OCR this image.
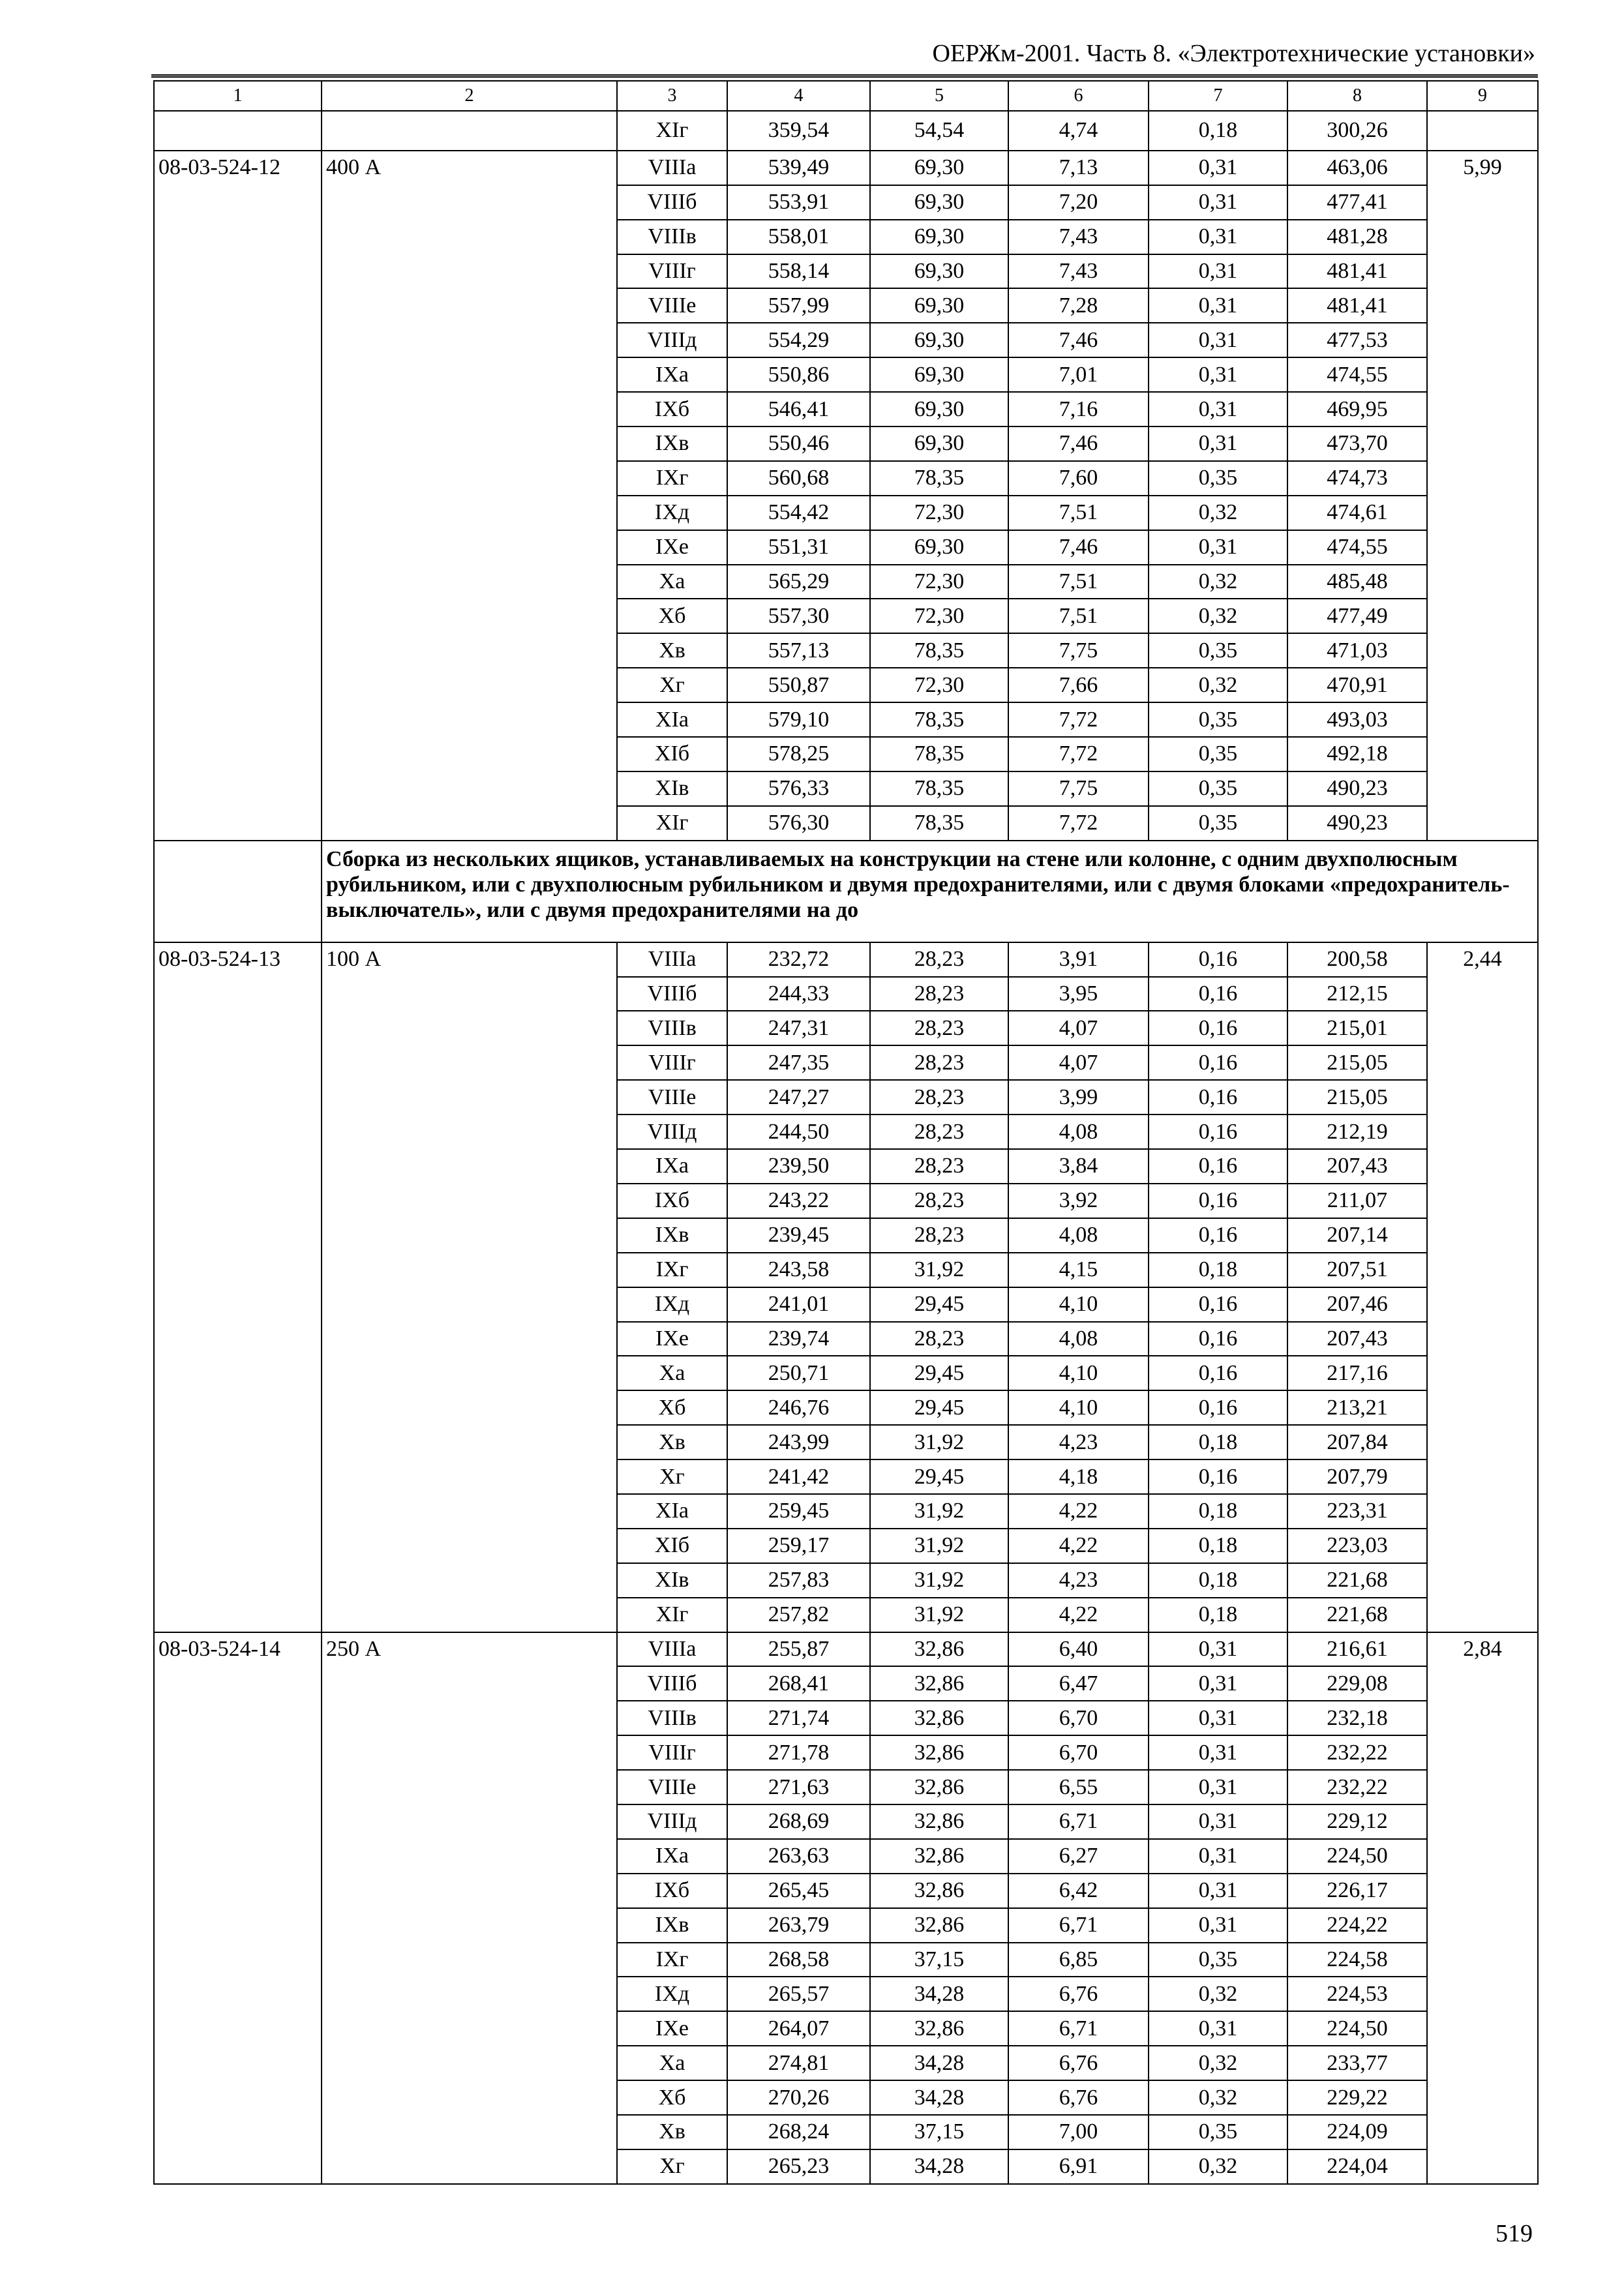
ОЕРЖм-2001. Часть 8. «Электротехнические установки»
1	2	3	4	5	6	7	8	9
		ХIг	359,54	54,54	4,74	0,18	300,26	
08-03-524-12	400 А	VIIIа	539,49	69,30	7,13	0,31	463,06	5,99
		VIIIб	553,91	69,30	7,20	0,31	477,41	
		VIIIв	558,01	69,30	7,43	0,31	481,28	
		VIIIг	558,14	69,30	7,43	0,31	481,41	
		VIIIе	557,99	69,30	7,28	0,31	481,41	
		VIIIд	554,29	69,30	7,46	0,31	477,53	
		IХа	550,86	69,30	7,01	0,31	474,55	
		IХб	546,41	69,30	7,16	0,31	469,95	
		IХв	550,46	69,30	7,46	0,31	473,70	
		IХг	560,68	78,35	7,60	0,35	474,73	
		IХд	554,42	72,30	7,51	0,32	474,61	
		IХе	551,31	69,30	7,46	0,31	474,55	
		Ха	565,29	72,30	7,51	0,32	485,48	
		Хб	557,30	72,30	7,51	0,32	477,49	
		Хв	557,13	78,35	7,75	0,35	471,03	
		Хг	550,87	72,30	7,66	0,32	470,91	
		ХIа	579,10	78,35	7,72	0,35	493,03	
		ХIб	578,25	78,35	7,72	0,35	492,18	
		ХIв	576,33	78,35	7,75	0,35	490,23	
		ХIг	576,30	78,35	7,72	0,35	490,23	
	Сборка из нескольких ящиков, устанавливаемых на конструкции на стене или колонне, с одним двухполюсным рубильником, или с двухполюсным рубильником и двумя предохранителями, или с двумя блоками «предохранитель-выключатель», или с двумя предохранителями на до							
08-03-524-13	100 А	VIIIа	232,72	28,23	3,91	0,16	200,58	2,44
		VIIIб	244,33	28,23	3,95	0,16	212,15	
		VIIIв	247,31	28,23	4,07	0,16	215,01	
		VIIIг	247,35	28,23	4,07	0,16	215,05	
		VIIIе	247,27	28,23	3,99	0,16	215,05	
		VIIIд	244,50	28,23	4,08	0,16	212,19	
		IХа	239,50	28,23	3,84	0,16	207,43	
		IХб	243,22	28,23	3,92	0,16	211,07	
		IХв	239,45	28,23	4,08	0,16	207,14	
		IХг	243,58	31,92	4,15	0,18	207,51	
		IХд	241,01	29,45	4,10	0,16	207,46	
		IХе	239,74	28,23	4,08	0,16	207,43	
		Ха	250,71	29,45	4,10	0,16	217,16	
		Хб	246,76	29,45	4,10	0,16	213,21	
		Хв	243,99	31,92	4,23	0,18	207,84	
		Хг	241,42	29,45	4,18	0,16	207,79	
		ХIа	259,45	31,92	4,22	0,18	223,31	
		ХIб	259,17	31,92	4,22	0,18	223,03	
		ХIв	257,83	31,92	4,23	0,18	221,68	
		ХIг	257,82	31,92	4,22	0,18	221,68	
08-03-524-14	250 А	VIIIа	255,87	32,86	6,40	0,31	216,61	2,84
		VIIIб	268,41	32,86	6,47	0,31	229,08	
		VIIIв	271,74	32,86	6,70	0,31	232,18	
		VIIIг	271,78	32,86	6,70	0,31	232,22	
		VIIIе	271,63	32,86	6,55	0,31	232,22	
		VIIIд	268,69	32,86	6,71	0,31	229,12	
		IХа	263,63	32,86	6,27	0,31	224,50	
		IХб	265,45	32,86	6,42	0,31	226,17	
		IХв	263,79	32,86	6,71	0,31	224,22	
		IХг	268,58	37,15	6,85	0,35	224,58	
		IХд	265,57	34,28	6,76	0,32	224,53	
		IХе	264,07	32,86	6,71	0,31	224,50	
		Ха	274,81	34,28	6,76	0,32	233,77	
		Хб	270,26	34,28	6,76	0,32	229,22	
		Хв	268,24	37,15	7,00	0,35	224,09	
		Хг	265,23	34,28	6,91	0,32	224,04	
519
